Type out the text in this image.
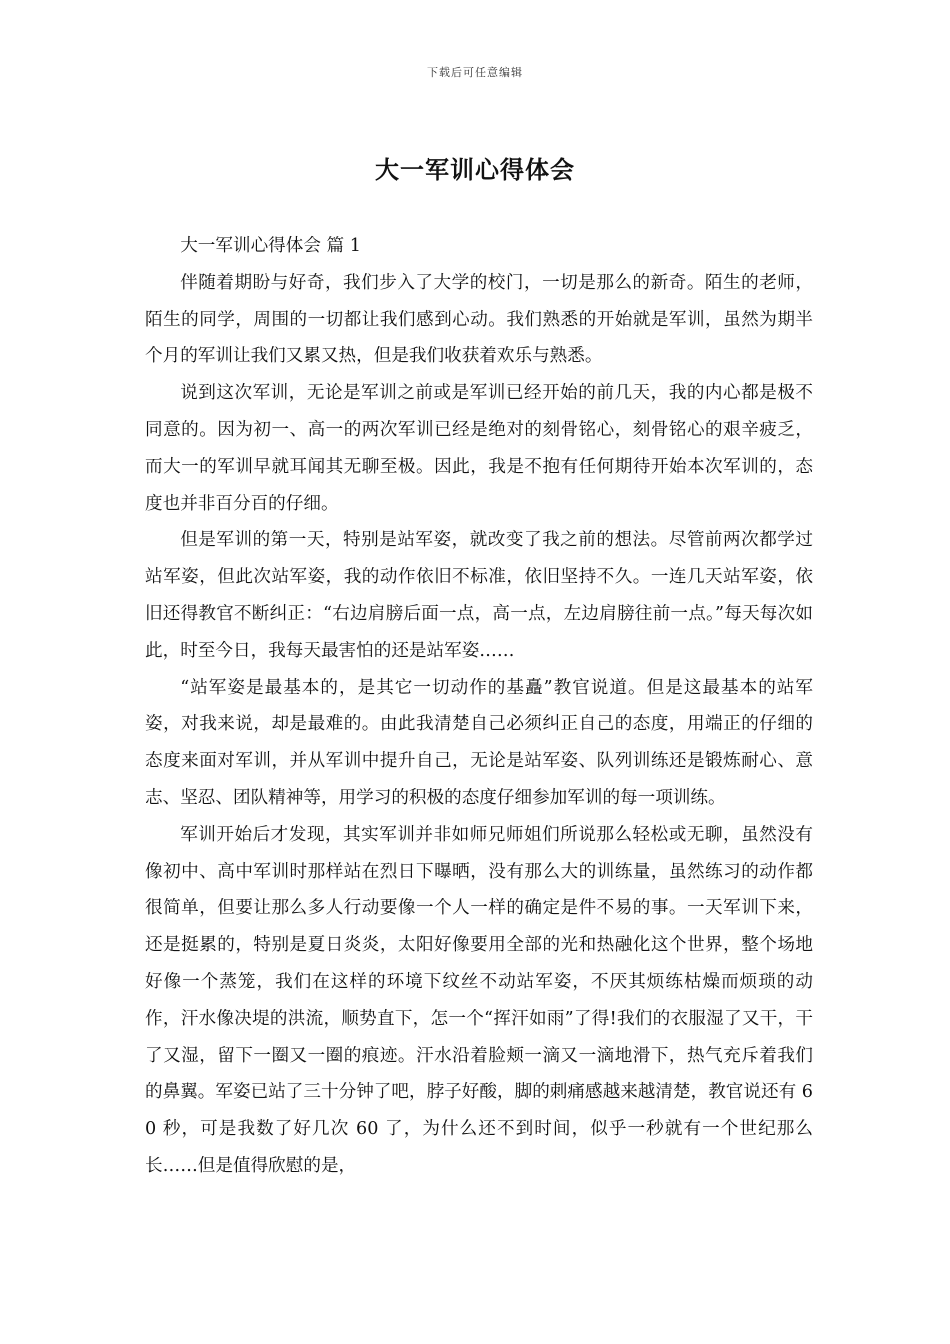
下载后可任意编辑
大一军训心得体会

大一军训心得体会 篇 1

伴随着期盼与好奇，我们步入了大学的校门，一切是那么的新奇。陌生的老师，陌生的同学，周围的一切都让我们感到心动。我们熟悉的开始就是军训，虽然为期半个月的军训让我们又累又热，但是我们收获着欢乐与熟悉。

说到这次军训，无论是军训之前或是军训已经开始的前几天，我的内心都是极不同意的。因为初一、高一的两次军训已经是绝对的刻骨铭心，刻骨铭心的艰辛疲乏，而大一的军训早就耳闻其无聊至极。因此，我是不抱有任何期待开始本次军训的，态度也并非百分百的仔细。

但是军训的第一天，特别是站军姿，就改变了我之前的想法。尽管前两次都学过站军姿，但此次站军姿，我的动作依旧不标准，依旧坚持不久。一连几天站军姿，依旧还得教官不断纠正：“右边肩膀后面一点，高一点，左边肩膀往前一点。”每天每次如此，时至今日，我每天最害怕的还是站军姿……

“站军姿是最基本的，是其它一切动作的基矗”教官说道。但是这最基本的站军姿，对我来说，却是最难的。由此我清楚自己必须纠正自己的态度，用端正的仔细的态度来面对军训，并从军训中提升自己，无论是站军姿、队列训练还是锻炼耐心、意志、坚忍、团队精神等，用学习的积极的态度仔细参加军训的每一项训练。

军训开始后才发现，其实军训并非如师兄师姐们所说那么轻松或无聊，虽然没有像初中、高中军训时那样站在烈日下曝晒，没有那么大的训练量，虽然练习的动作都很简单，但要让那么多人行动要像一个人一样的确定是件不易的事。一天军训下来，还是挺累的，特别是夏日炎炎，太阳好像要用全部的光和热融化这个世界，整个场地好像一个蒸笼，我们在这样的环境下纹丝不动站军姿，不厌其烦练枯燥而烦琐的动作，汗水像决堤的洪流，顺势直下，怎一个“挥汗如雨”了得!我们的衣服湿了又干，干了又湿，留下一圈又一圈的痕迹。汗水沿着脸颊一滴又一滴地滑下，热气充斥着我们的鼻翼。军姿已站了三十分钟了吧，脖子好酸，脚的刺痛感越来越清楚，教官说还有 60 秒，可是我数了好几次 60 了，为什么还不到时间，似乎一秒就有一个世纪那么长……但是值得欣慰的是，
